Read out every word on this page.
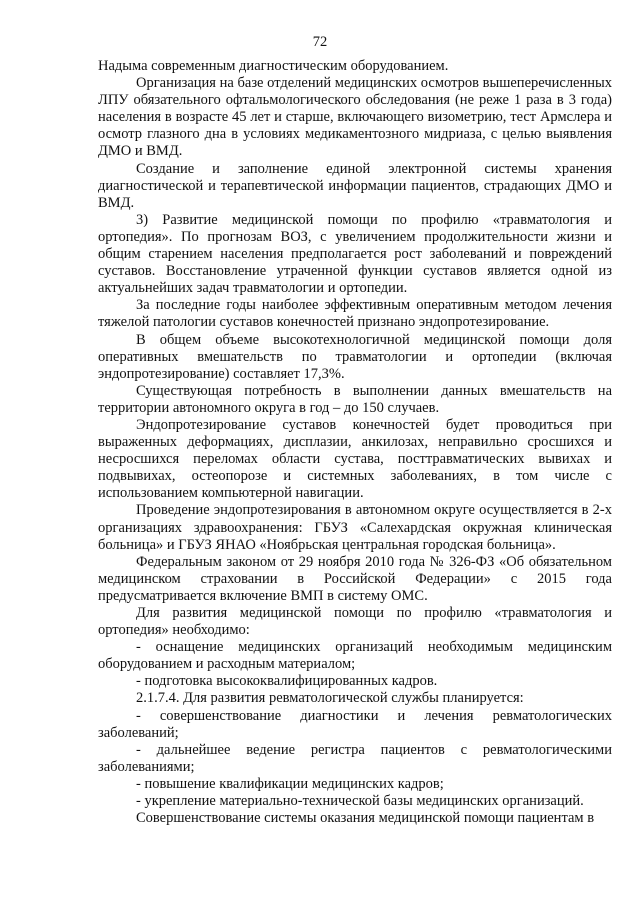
72

Надыма современным диагностическим оборудованием.

Организация на базе отделений медицинских осмотров вышеперечисленных ЛПУ обязательного офтальмологического обследования (не реже 1 раза в 3 года) населения в возрасте 45 лет и старше, включающего визометрию, тест Армслера и осмотр глазного дна в условиях медикаментозного мидриаза, с целью выявления ДМО и ВМД.

Создание и заполнение единой электронной системы хранения диагностической и терапевтической информации пациентов, страдающих ДМО и ВМД.

3) Развитие медицинской помощи по профилю «травматология и ортопедия». По прогнозам ВОЗ, с увеличением продолжительности жизни и общим старением населения предполагается рост заболеваний и повреждений суставов. Восстановление утраченной функции суставов является одной из актуальнейших задач травматологии и ортопедии.

За последние годы наиболее эффективным оперативным методом лечения тяжелой патологии суставов конечностей признано эндопротезирование.

В общем объеме высокотехнологичной медицинской помощи доля оперативных вмешательств по травматологии и ортопедии (включая эндопротезирование) составляет 17,3%.

Существующая потребность в выполнении данных вмешательств на территории автономного округа в год – до 150 случаев.

Эндопротезирование суставов конечностей будет проводиться при выраженных деформациях, дисплазии, анкилозах, неправильно сросшихся и несросшихся переломах области сустава, посттравматических вывихах и подвывихах, остеопорозе и системных заболеваниях, в том числе с использованием компьютерной навигации.

Проведение эндопротезирования в автономном округе осуществляется в 2-х организациях здравоохранения: ГБУЗ «Салехардская окружная клиническая больница» и ГБУЗ ЯНАО «Ноябрьская центральная городская больница».

Федеральным законом от 29 ноября 2010 года № 326-ФЗ «Об обязательном медицинском страховании в Российской Федерации» с 2015 года предусматривается включение ВМП в систему ОМС.

Для развития медицинской помощи по профилю «травматология и ортопедия» необходимо:

- оснащение медицинских организаций необходимым медицинским оборудованием и расходным материалом;

- подготовка высококвалифицированных кадров.

2.1.7.4. Для развития ревматологической службы планируется:

- совершенствование диагностики и лечения ревматологических заболеваний;

- дальнейшее ведение регистра пациентов с ревматологическими заболеваниями;

- повышение квалификации медицинских кадров;

- укрепление материально-технической базы медицинских организаций.

Совершенствование системы оказания медицинской помощи пациентам в
